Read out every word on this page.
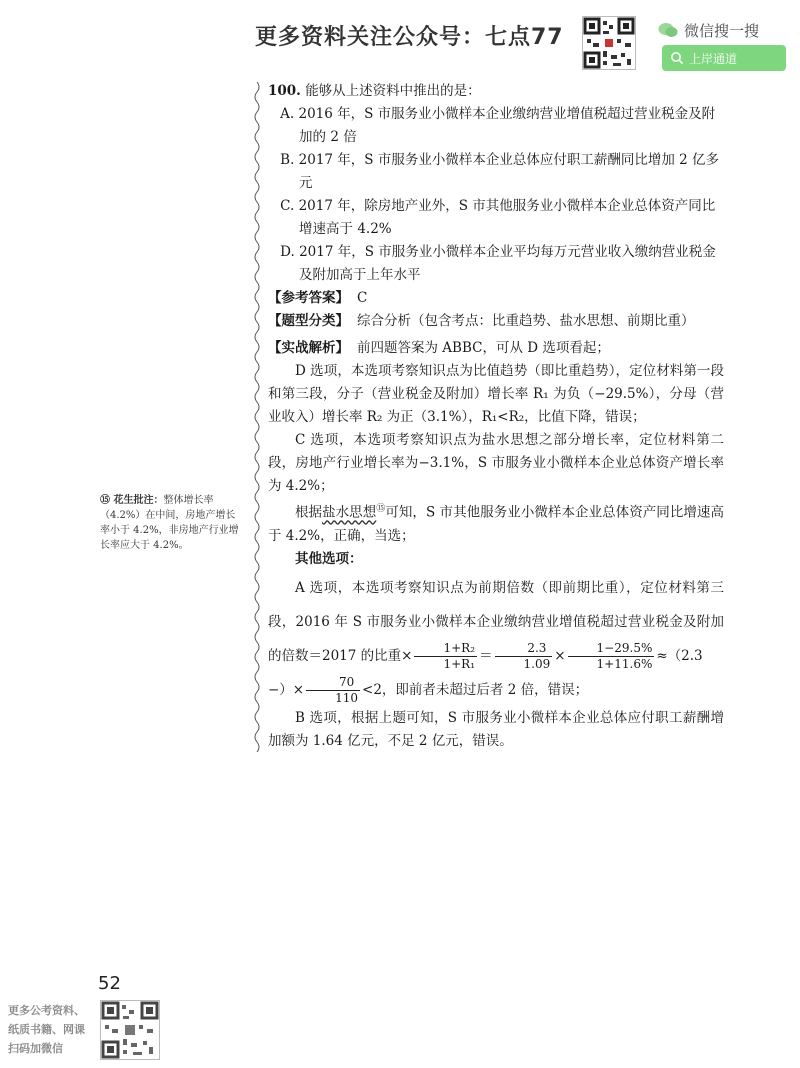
更多资料关注公众号：七点77	微信搜一搜
上岸通道

100. 能够从上述资料中推出的是：

A. 2016 年，S 市服务业小微样本企业缴纳营业增值税超过营业税金及附加的 2 倍

B. 2017 年，S 市服务业小微样本企业总体应付职工薪酬同比增加 2 亿多元

C. 2017 年，除房地产业外，S 市其他服务业小微样本企业总体资产同比增速高于 4.2%

D. 2017 年，S 市服务业小微样本企业平均每万元营业收入缴纳营业税金及附加高于上年水平

【参考答案】 C

【题型分类】 综合分析（包含考点：比重趋势、盐水思想、前期比重）

【实战解析】 前四题答案为 ABBC，可从 D 选项看起；

D 选项，本选项考察知识点为比值趋势（即比重趋势），定位材料第一段和第三段，分子（营业税金及附加）增长率 R₁ 为负（−29.5%），分母（营业收入）增长率 R₂ 为正（3.1%），R₁<R₂，比值下降，错误；

C 选项，本选项考察知识点为盐水思想之部分增长率，定位材料第二段，房地产行业增长率为−3.1%，S 市服务业小微样本企业总体资产增长率为 4.2%；

根据盐水思想⑮可知，S 市其他服务业小微样本企业总体资产同比增速高于 4.2%，正确，当选；

其他选项：

A 选项，本选项考察知识点为前期倍数（即前期比重），定位材料第三段，2016 年 S 市服务业小微样本企业缴纳营业增值税超过营业税金及附加的倍数＝2017 的比重× $\frac{\text{1+R₂}}{\text{1+R₁}} = \frac{2.3}{1.09} \times \frac{1-29.5\%}{1+11.6\%} \approx(2.3$
−）× $\frac{70}{110} <2$，即前者未超过后者 2 倍，错误；

B 选项，根据上题可知，S 市服务业小微样本企业总体应付职工薪酬增加额为 1.64 亿元，不足 2 亿元，错误。

⑮ 花生批注：整体增长率（4.2%）在中间，房地产增长率小于 4.2%，非房地产行业增长率应大于 4.2%。
52
更多公考资料、
纸质书籍、网课
扫码加微信
